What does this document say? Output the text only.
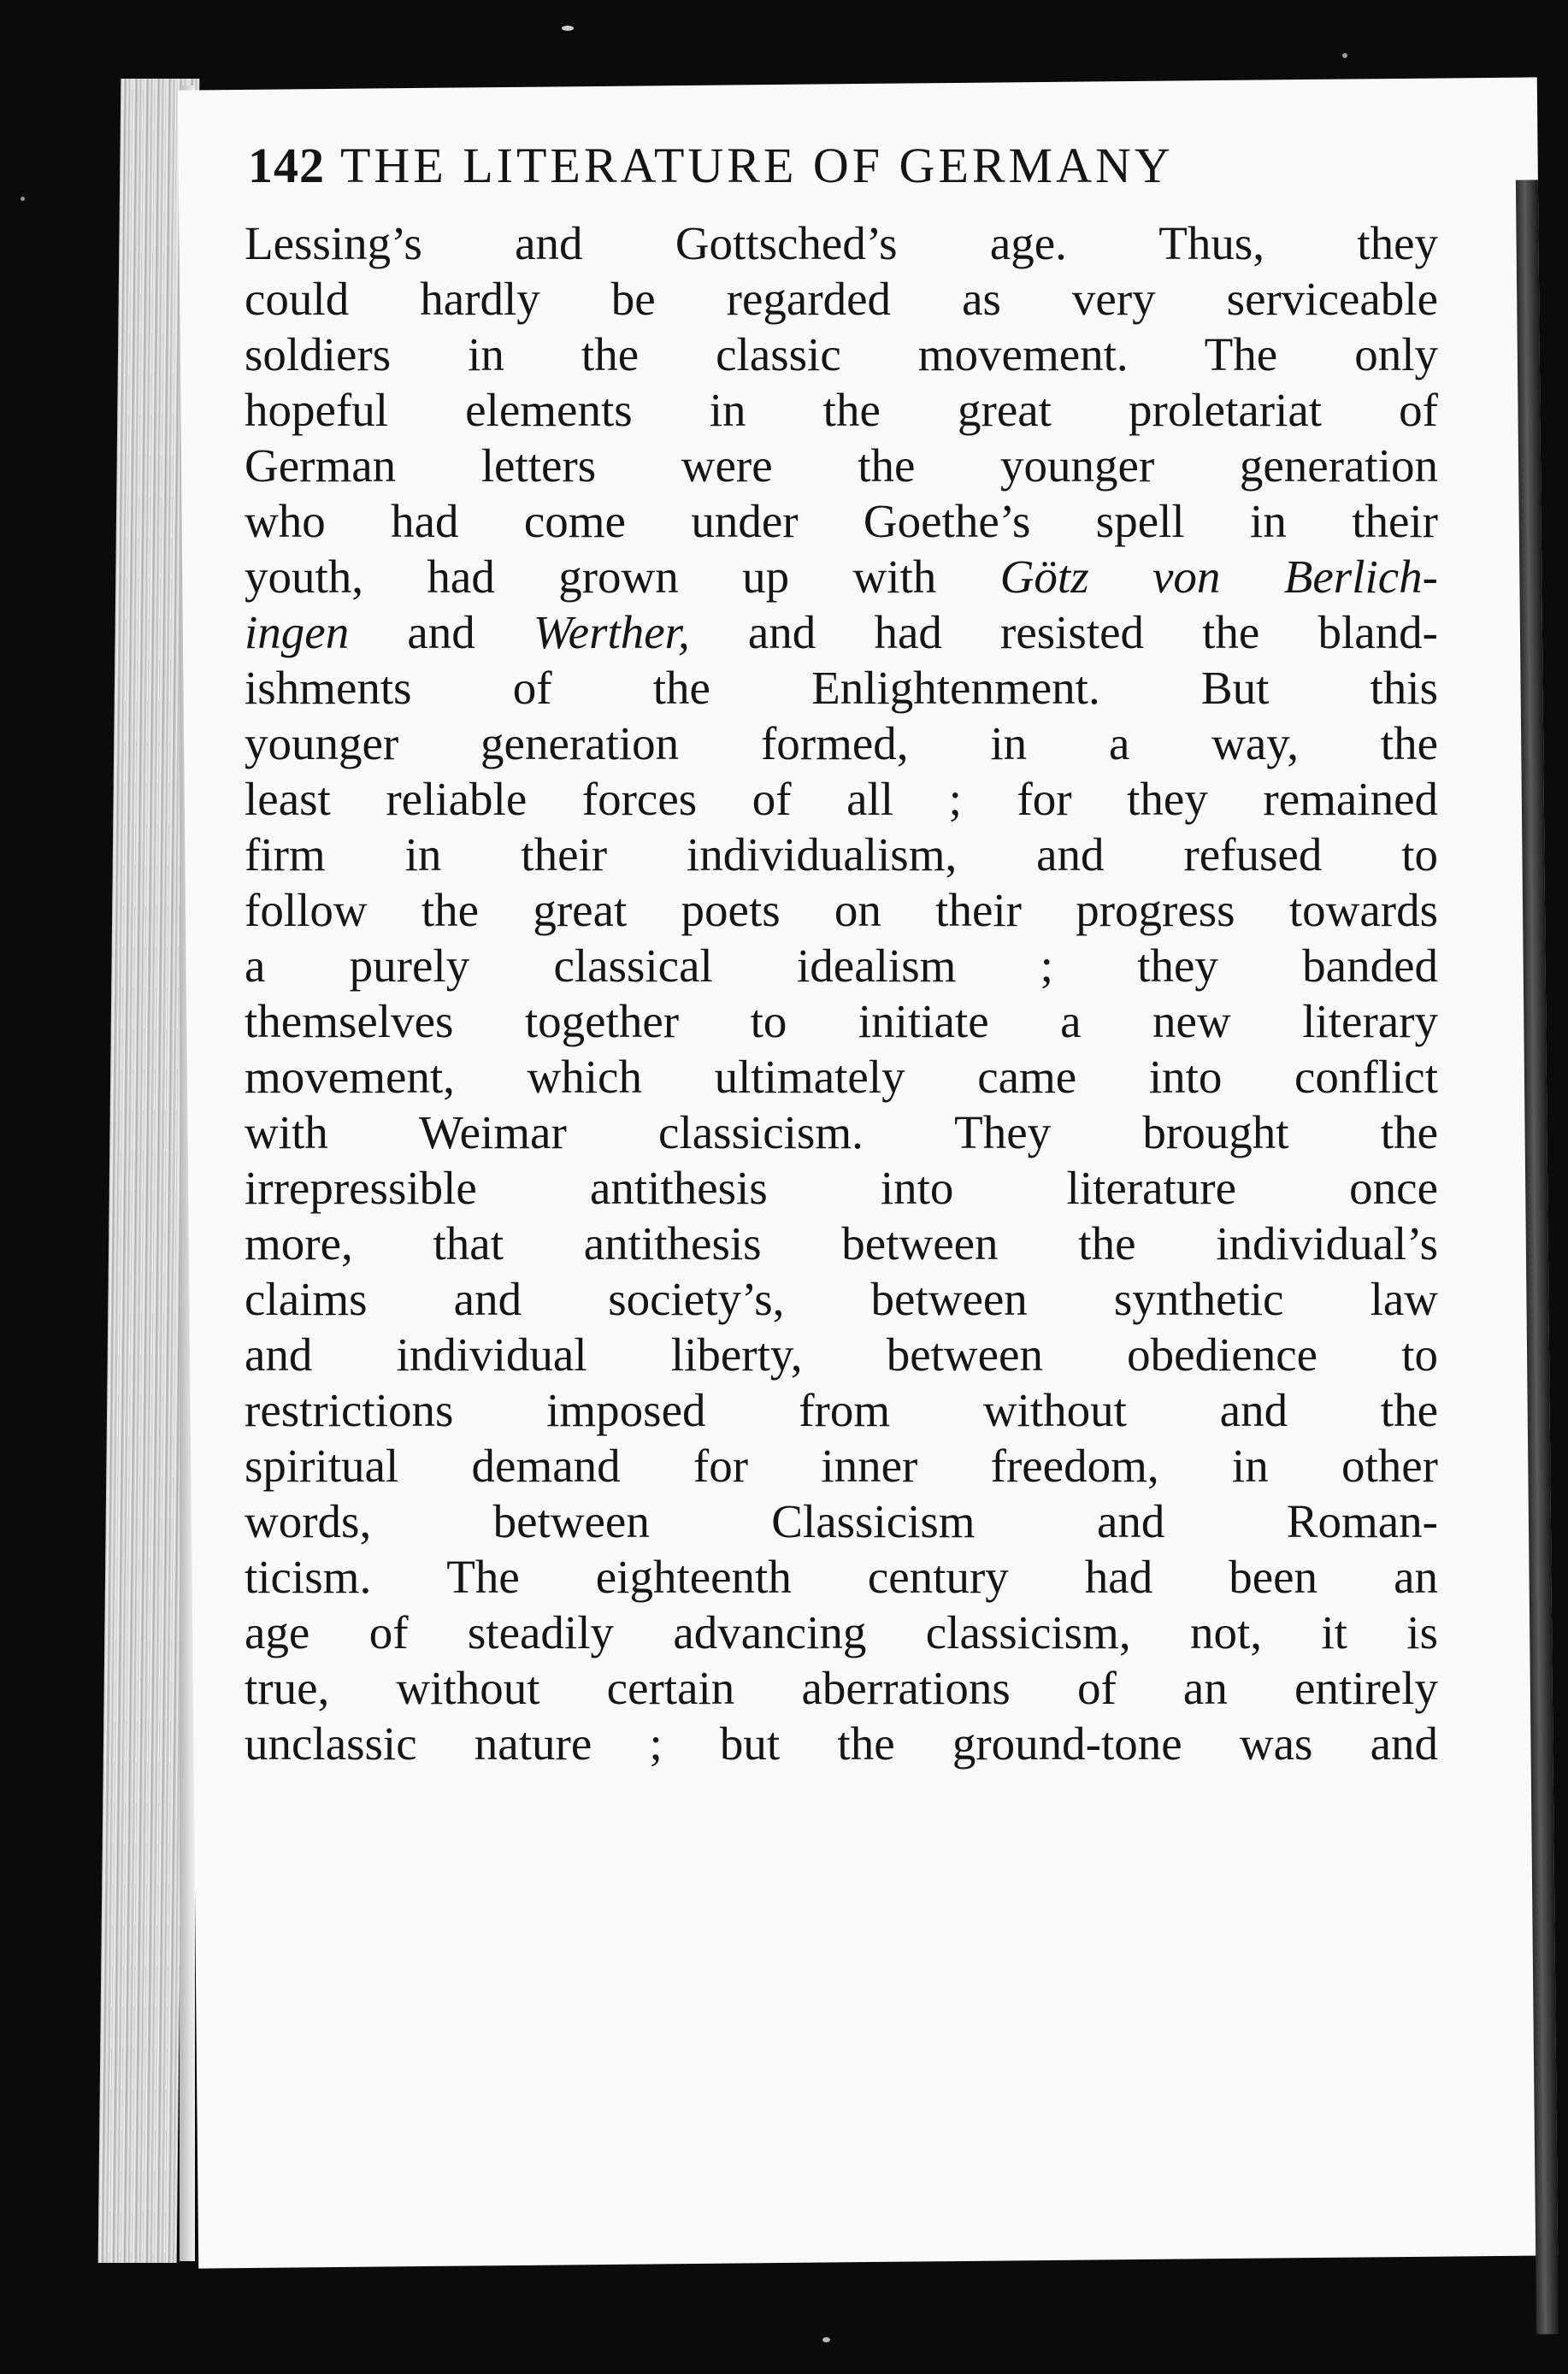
142 THE LITERATURE OF GERMANY
Lessing’s and Gottsched’s age. Thus, they
could hardly be regarded as very serviceable
soldiers in the classic movement. The only
hopeful elements in the great proletariat of
German letters were the younger generation
who had come under Goethe’s spell in their
youth, had grown up with Götz von Berlich-
ingen and Werther, and had resisted the bland-
ishments of the Enlightenment. But this
younger generation formed, in a way, the
least reliable forces of all ; for they remained
firm in their individualism, and refused to
follow the great poets on their progress towards
a purely classical idealism ; they banded
themselves together to initiate a new literary
movement, which ultimately came into conflict
with Weimar classicism. They brought the
irrepressible antithesis into literature once
more, that antithesis between the individual’s
claims and society’s, between synthetic law
and individual liberty, between obedience to
restrictions imposed from without and the
spiritual demand for inner freedom, in other
words, between Classicism and Roman-
ticism. The eighteenth century had been an
age of steadily advancing classicism, not, it is
true, without certain aberrations of an entirely
unclassic nature ; but the ground-tone was and
